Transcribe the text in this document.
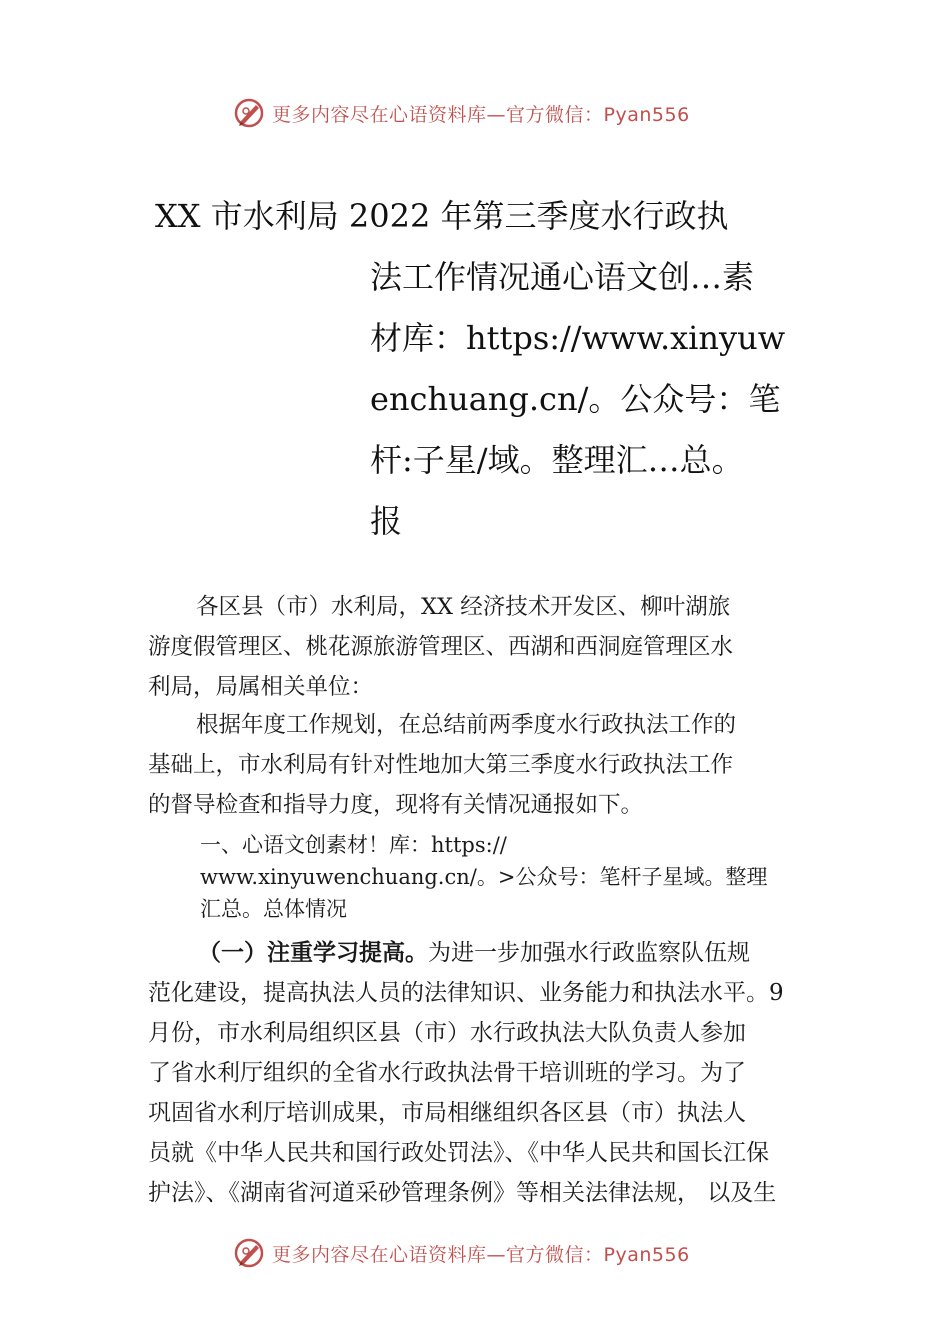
更多内容尽在心语资料库—官方微信：Pyan556
XX 市水利局 2022 年第三季度水行政执
法工作情况通心语文创…素
材库：https://www.xinyuw
enchuang.cn/。公众号：笔
杆:子星/域。整理汇…总。
报
各区县（市）水利局，XX 经济技术开发区、柳叶湖旅
游度假管理区、桃花源旅游管理区、西湖和西洞庭管理区水
利局，局属相关单位：
根据年度工作规划，在总结前两季度水行政执法工作的
基础上，市水利局有针对性地加大第三季度水行政执法工作
的督导检查和指导力度，现将有关情况通报如下。
一、心语文创素材！库：https://
www.xinyuwenchuang.cn/。>公众号：笔杆子星域。整理
汇总。总体情况
（一）注重学习提高。为进一步加强水行政监察队伍规
范化建设，提高执法人员的法律知识、业务能力和执法水平。9
月份，市水利局组织区县（市）水行政执法大队负责人参加
了省水利厅组织的全省水行政执法骨干培训班的学习。为了
巩固省水利厅培训成果，市局相继组织各区县（市）执法人
员就《中华人民共和国行政处罚法》、《中华人民共和国长江保
护法》、《湖南省河道采砂管理条例》等相关法律法规， 以及生
更多内容尽在心语资料库—官方微信：Pyan556
